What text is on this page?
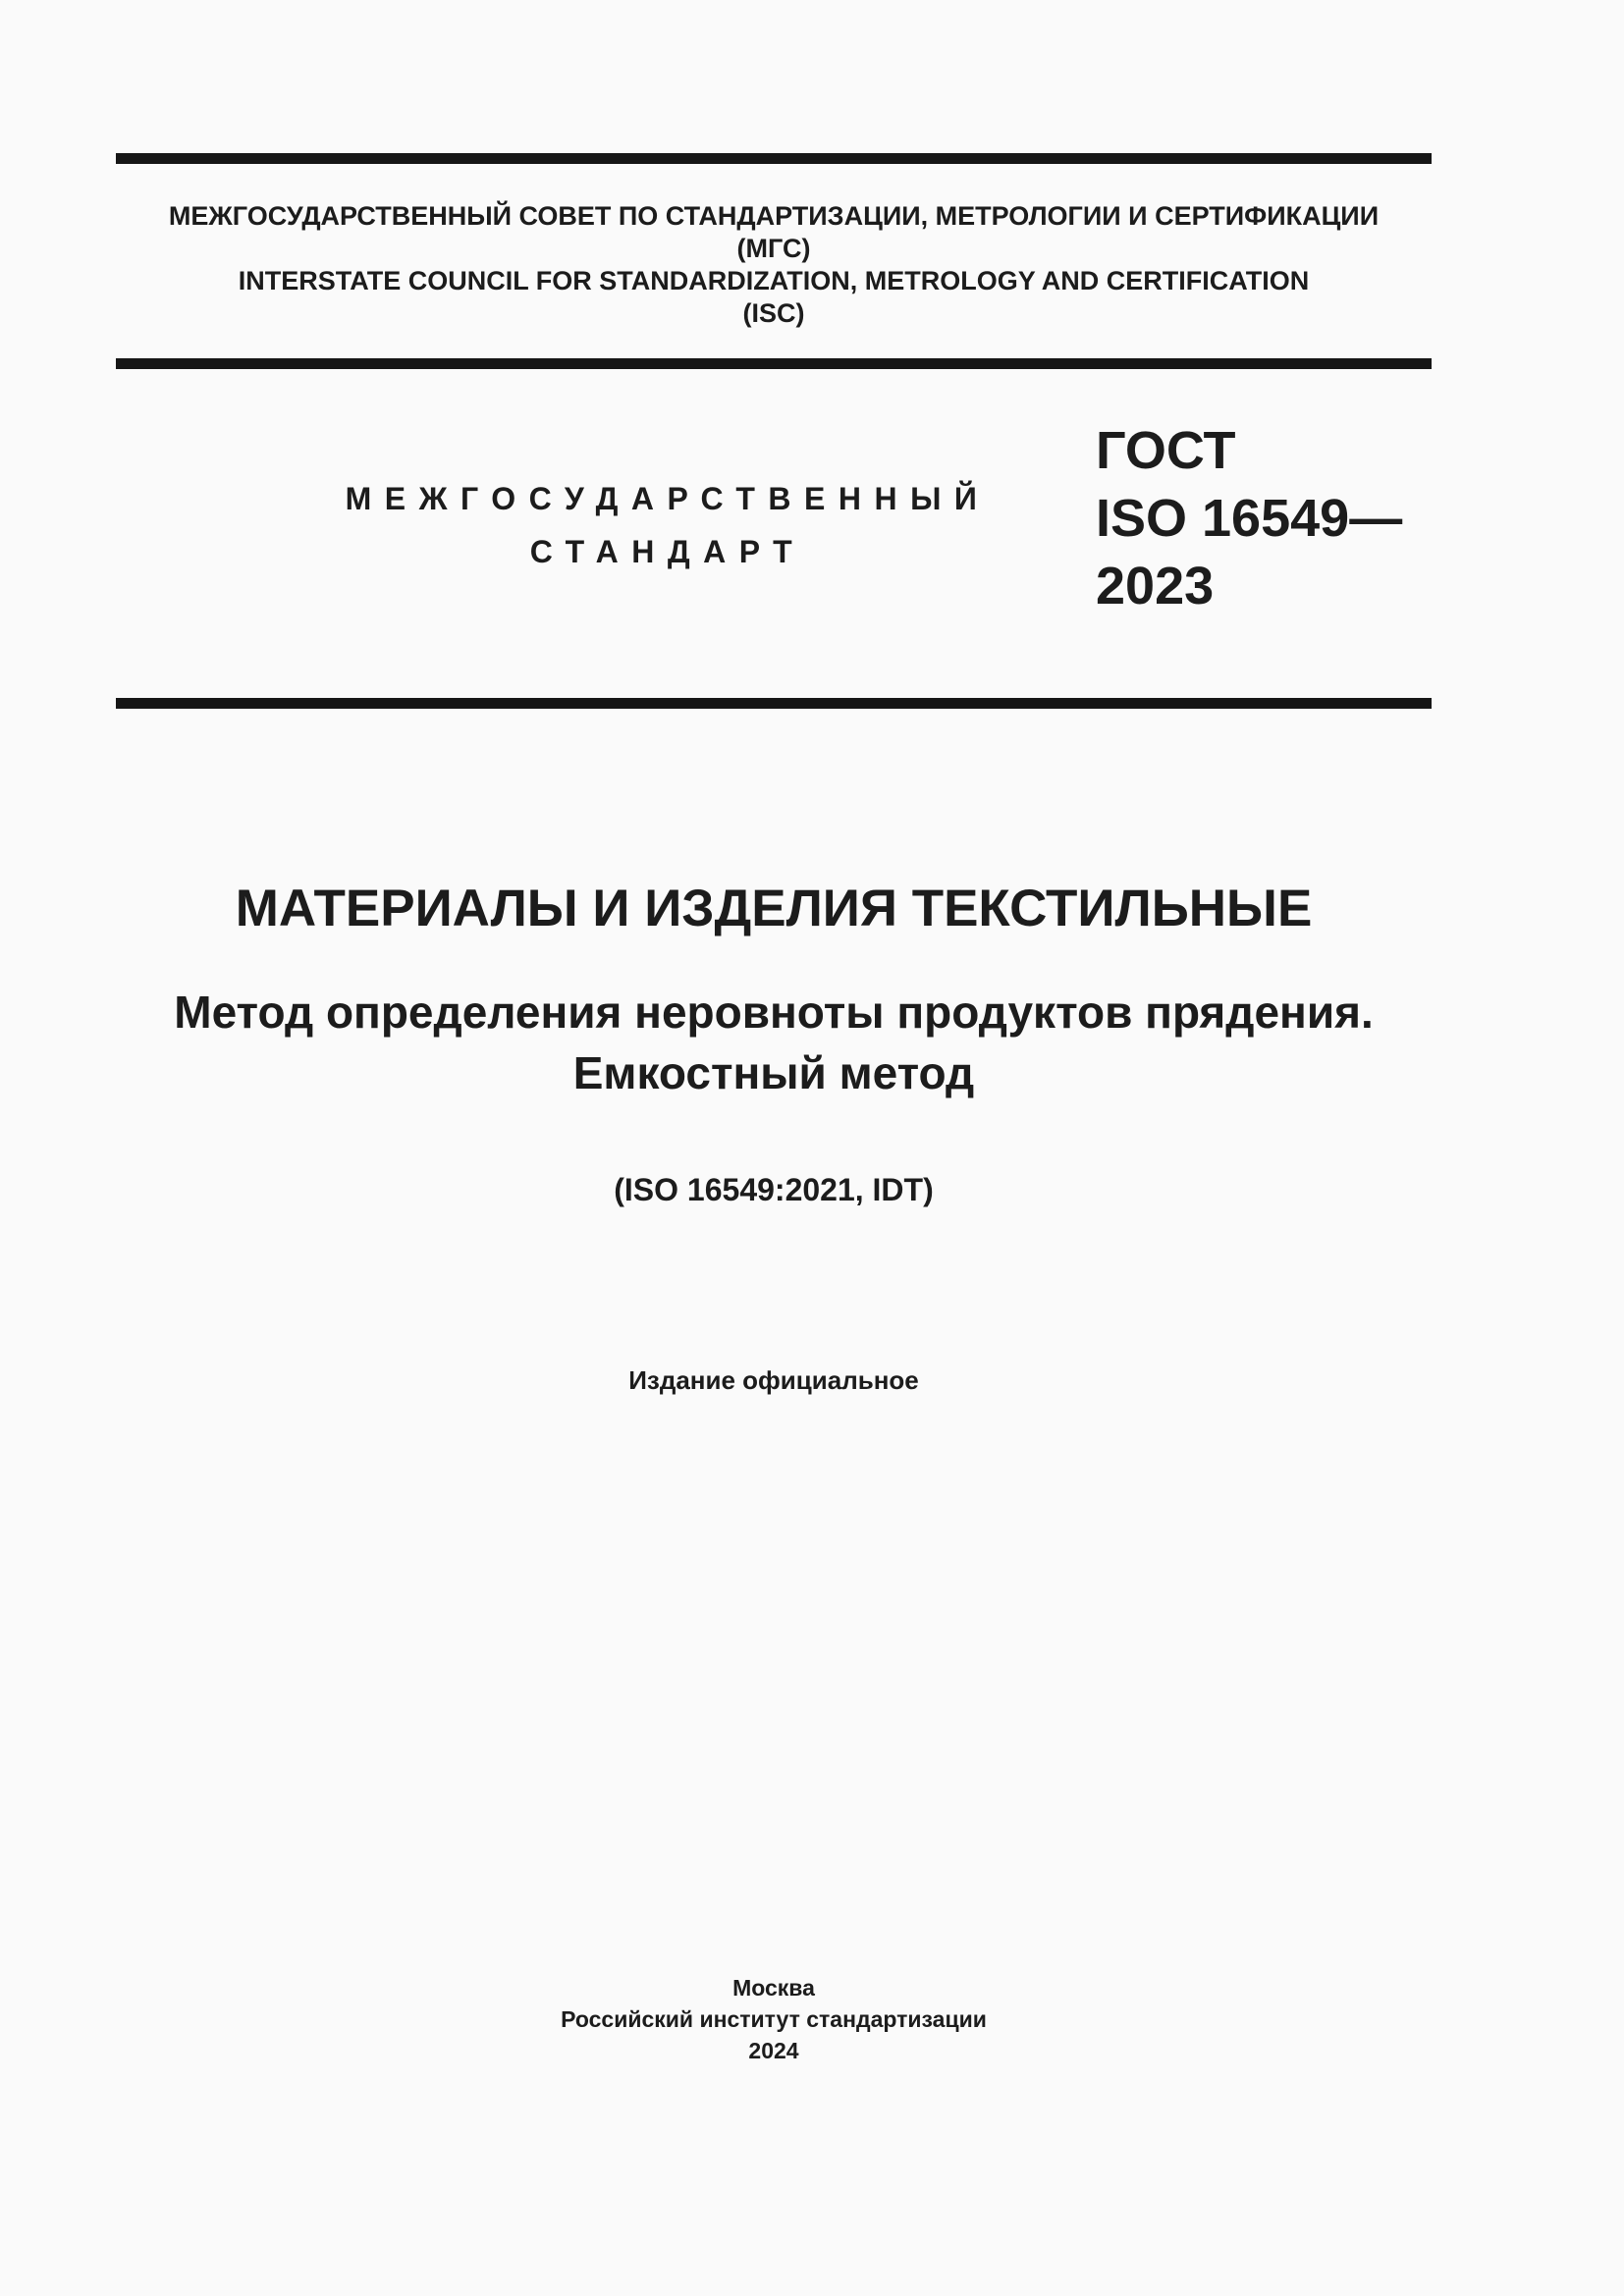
МЕЖГОСУДАРСТВЕННЫЙ СОВЕТ ПО СТАНДАРТИЗАЦИИ, МЕТРОЛОГИИ И СЕРТИФИКАЦИИ
(МГС)
INTERSTATE COUNCIL FOR STANDARDIZATION, METROLOGY AND CERTIFICATION
(ISC)
МЕЖГОСУДАРСТВЕННЫЙ
СТАНДАРТ
ГОСТ
ISO 16549—
2023
МАТЕРИАЛЫ И ИЗДЕЛИЯ ТЕКСТИЛЬНЫЕ
Метод определения неровноты продуктов прядения.
Емкостный метод
(ISO 16549:2021, IDT)
Издание официальное
Москва
Российский институт стандартизации
2024
